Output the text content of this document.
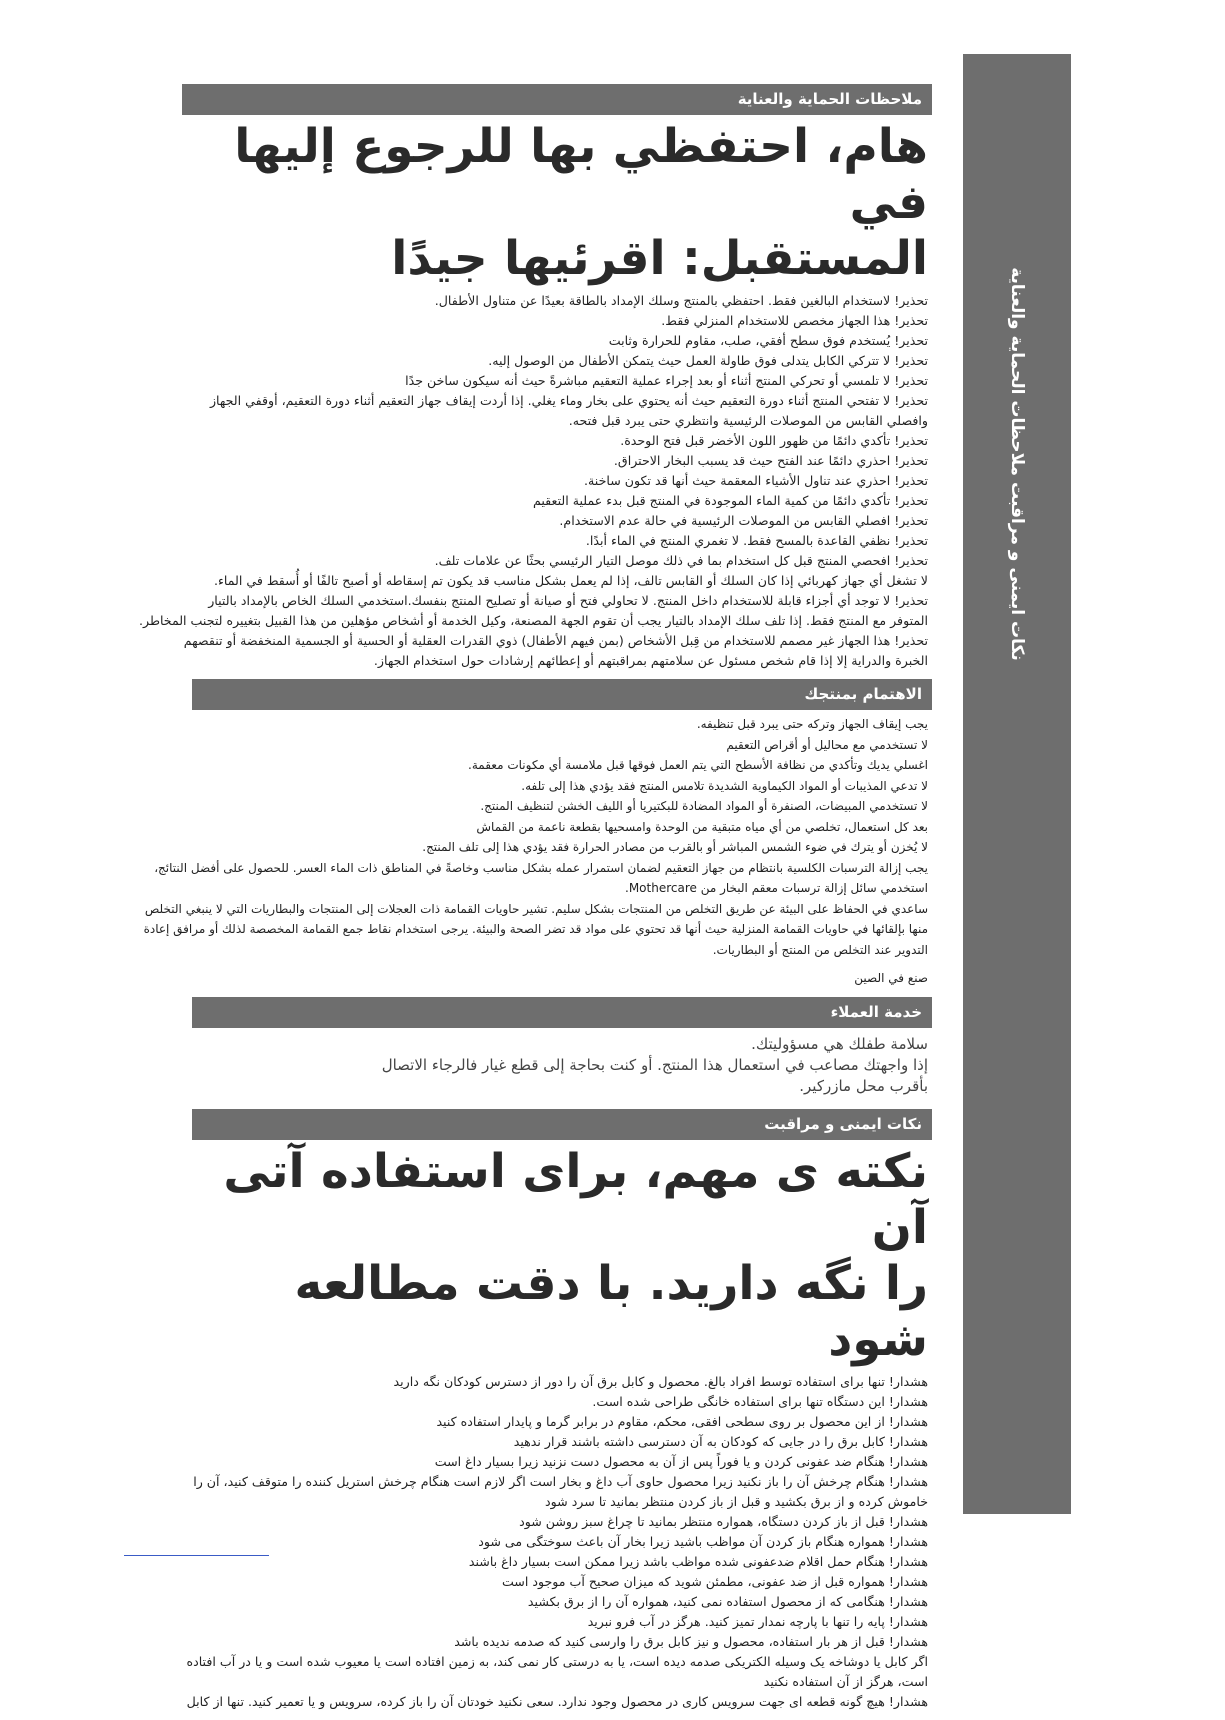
نكات ايمنى و مراقبت ملاحظات الحماية والعناية
ملاحظات الحماية والعناية
هام، احتفظي بها للرجوع إليها في
المستقبل: اقرئيها جيدًا
تحذير! لاستخدام البالغين فقط. احتفظي بالمنتج وسلك الإمداد بالطاقة بعيدًا عن متناول الأطفال.
تحذير! هذا الجهاز مخصص للاستخدام المنزلي فقط.
تحذير! يُستخدم فوق سطح أفقي، صلب، مقاوم للحرارة وثابت
تحذير! لا تتركي الكابل يتدلى فوق طاولة العمل حيث يتمكن الأطفال من الوصول إليه.
تحذير! لا تلمسي أو تحركي المنتج أثناء أو بعد إجراء عملية التعقيم مباشرةً حيث أنه سيكون ساخن جدًا
تحذير! لا تفتحي المنتج أثناء دورة التعقيم حيث أنه يحتوي على بخار وماء يغلي. إذا أردت إيقاف جهاز التعقيم أثناء دورة التعقيم، أوقفي الجهاز
وافصلي القابس من الموصلات الرئيسية وانتظري حتى يبرد قبل فتحه.
تحذير! تأكدي دائمًا من ظهور اللون الأخضر قبل فتح الوحدة.
تحذير! احذري دائمًا عند الفتح حيث قد يسبب البخار الاحتراق.
تحذير! احذري عند تناول الأشياء المعقمة حيث أنها قد تكون ساخنة.
تحذير! تأكدي دائمًا من كمية الماء الموجودة في المنتج قبل بدء عملية التعقيم
تحذير! افصلي القابس من الموصلات الرئيسية في حالة عدم الاستخدام.
تحذير! نظفي القاعدة بالمسح فقط. لا تغمري المنتج في الماء أبدًا.
تحذير! افحصي المنتج قبل كل استخدام بما في ذلك موصل التيار الرئيسي بحثًا عن علامات تلف.
لا تشغل أي جهاز كهربائي إذا كان السلك أو القابس تالف، إذا لم يعمل بشكل مناسب قد يكون تم إسقاطه أو أصبح تالفًا أو أُسقط في الماء.
تحذير! لا توجد أي أجزاء قابلة للاستخدام داخل المنتج. لا تحاولي فتح أو صيانة أو تصليح المنتج بنفسك.استخدمي السلك الخاص بالإمداد بالتيار
المتوفر مع المنتج فقط. إذا تلف سلك الإمداد بالتيار يجب أن تقوم الجهة المصنعة، وكيل الخدمة أو أشخاص مؤهلين من هذا القبيل بتغييره لتجنب المخاطر.
تحذير! هذا الجهاز غير مصمم للاستخدام من قِبل الأشخاص (بمن فيهم الأطفال) ذوي القدرات العقلية أو الحسية أو الجسمية المنخفضة أو تنقصهم
الخبرة والدراية إلا إذا قام شخص مسئول عن سلامتهم بمراقبتهم أو إعطائهم إرشادات حول استخدام الجهاز.
الاهتمام بمنتجك
يجب إيقاف الجهاز وتركه حتى يبرد قبل تنظيفه.
لا تستخدمي مع محاليل أو أقراص التعقيم
اغسلي يديك وتأكدي من نظافة الأسطح التي يتم العمل فوقها قبل ملامسة أي مكونات معقمة.
لا تدعي المذيبات أو المواد الكيماوية الشديدة تلامس المنتج فقد يؤدي هذا إلى تلفه.
لا تستخدمي المبيضات، الصنفرة أو المواد المضادة للبكتيريا أو الليف الخشن لتنظيف المنتج.
بعد كل استعمال، تخلصي من أي مياه متبقية من الوحدة وامسحيها بقطعة ناعمة من القماش
لا يُخزن أو يترك في ضوء الشمس المباشر أو بالقرب من مصادر الحرارة فقد يؤدي هذا إلى تلف المنتج.
يجب إزالة الترسبات الكلسية بانتظام من جهاز التعقيم لضمان استمرار عمله بشكل مناسب وخاصةً في المناطق ذات الماء العسر. للحصول على أفضل النتائج،
استخدمي سائل إزالة ترسبات معقم البخار من Mothercare.
ساعدي في الحفاظ على البيئة عن طريق التخلص من المنتجات بشكل سليم. تشير حاويات القمامة ذات العجلات إلى المنتجات والبطاريات التي لا ينبغي التخلص
منها بإلقائها في حاويات القمامة المنزلية حيث أنها قد تحتوي على مواد قد تضر الصحة والبيئة. يرجى استخدام نقاط جمع القمامة المخصصة لذلك أو مرافق إعادة
التدوير عند التخلص من المنتج أو البطاريات.
صنع في الصين
خدمة العملاء
سلامة طفلك هي مسؤوليتك.
إذا واجهتك مصاعب في استعمال هذا المنتج. أو كنت بحاجة إلى قطع غيار فالرجاء الاتصال
بأقرب محل مازركير.
نكات ايمنى و مراقبت
نکته ی مهم، برای استفاده آتی آن
را نگه دارید. با دقت مطالعه شود
هشدار! تنها برای استفاده توسط افراد بالغ. محصول و کابل برق آن را دور از دسترس کودکان نگه دارید
هشدار! این دستگاه تنها برای استفاده خانگی طراحی شده است.
هشدار! از این محصول بر روی سطحی افقی، محکم، مقاوم در برابر گرما و پایدار استفاده کنید
هشدار! کابل برق را در جایی که کودکان به آن دسترسی داشته باشند قرار ندهید
هشدار! هنگام ضد عفونی کردن و یا فوراً پس از آن به محصول دست نزنید زیرا بسیار داغ است
هشدار! هنگام چرخش آن را باز نکنید زیرا محصول حاوی آب داغ و بخار است اگر لازم است هنگام چرخش استریل کننده را متوقف کنید، آن را
خاموش کرده و از برق بکشید و قبل از باز کردن منتظر بمانید تا سرد شود
هشدار! قبل از باز کردن دستگاه، همواره منتظر بمانید تا چراغ سبز روشن شود
هشدار! همواره هنگام باز کردن آن مواظب باشید زیرا بخار آن باعث سوختگی می شود
هشدار! هنگام حمل اقلام ضدعفونی شده مواظب باشد زیرا ممکن است بسیار داغ باشند
هشدار! همواره قبل از ضد عفونی، مطمئن شوید که میزان صحیح آب موجود است
هشدار! هنگامی که از محصول استفاده نمی کنید، همواره آن را از برق بکشید
هشدار! پایه را تنها با پارچه نمدار تمیز کنید. هرگز در آب فرو نبرید
هشدار! قبل از هر بار استفاده، محصول و نیز کابل برق را وارسی کنید که صدمه ندیده باشد
اگر کابل یا دوشاخه یک وسیله الکتریکی صدمه دیده است، یا به درستی کار نمی کند، به زمین افتاده است یا معیوب شده است و یا در آب افتاده
است، هرگز از آن استفاده نکنید
هشدار! هیچ گونه قطعه ای جهت سرویس کاری در محصول وجود ندارد. سعی نکنید خودتان آن را باز کرده، سرویس و یا تعمیر کنید. تنها از کابل
